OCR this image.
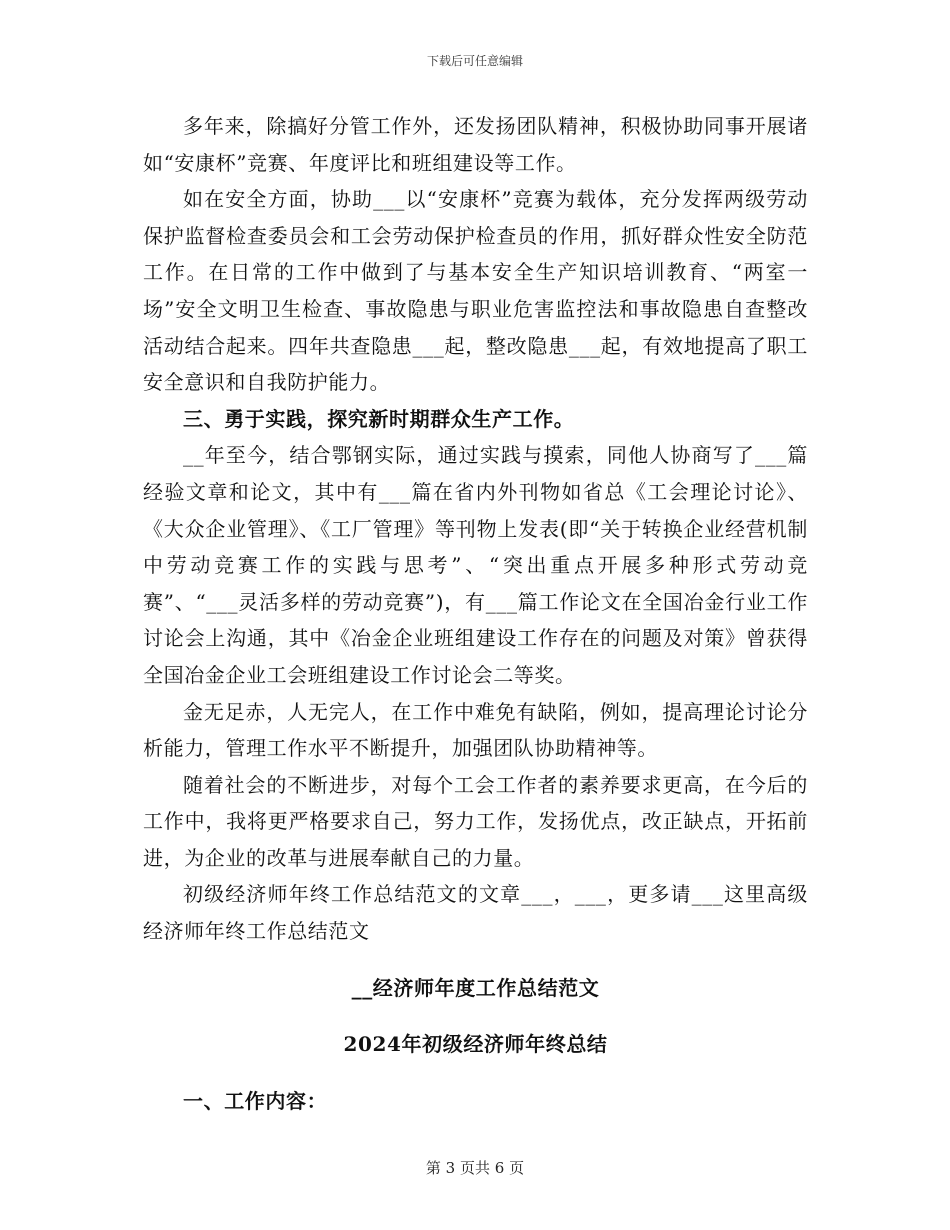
下载后可任意编辑

多年来，除搞好分管工作外，还发扬团队精神，积极协助同事开展诸如“安康杯”竞赛、年度评比和班组建设等工作。

如在安全方面，协助___以“安康杯”竞赛为载体，充分发挥两级劳动保护监督检查委员会和工会劳动保护检查员的作用，抓好群众性安全防范工作。在日常的工作中做到了与基本安全生产知识培训教育、“两室一场”安全文明卫生检查、事故隐患与职业危害监控法和事故隐患自查整改活动结合起来。四年共查隐患___起，整改隐患___起，有效地提高了职工安全意识和自我防护能力。

三、勇于实践，探究新时期群众生产工作。

__年至今，结合鄂钢实际，通过实践与摸索，同他人协商写了___篇经验文章和论文，其中有___篇在省内外刊物如省总《工会理论讨论》、《大众企业管理》、《工厂管理》等刊物上发表(即“关于转换企业经营机制中劳动竞赛工作的实践与思考”、“突出重点开展多种形式劳动竞赛”、“___灵活多样的劳动竞赛”)，有___篇工作论文在全国冶金行业工作讨论会上沟通，其中《冶金企业班组建设工作存在的问题及对策》曾获得全国冶金企业工会班组建设工作讨论会二等奖。

金无足赤，人无完人，在工作中难免有缺陷，例如，提高理论讨论分析能力，管理工作水平不断提升，加强团队协助精神等。

随着社会的不断进步，对每个工会工作者的素养要求更高，在今后的工作中，我将更严格要求自己，努力工作，发扬优点，改正缺点，开拓前进，为企业的改革与进展奉献自己的力量。

初级经济师年终工作总结范文的文章___，___，更多请___这里高级经济师年终工作总结范文

__经济师年度工作总结范文

2024年初级经济师年终总结

一、工作内容：

第 3 页共 6 页
